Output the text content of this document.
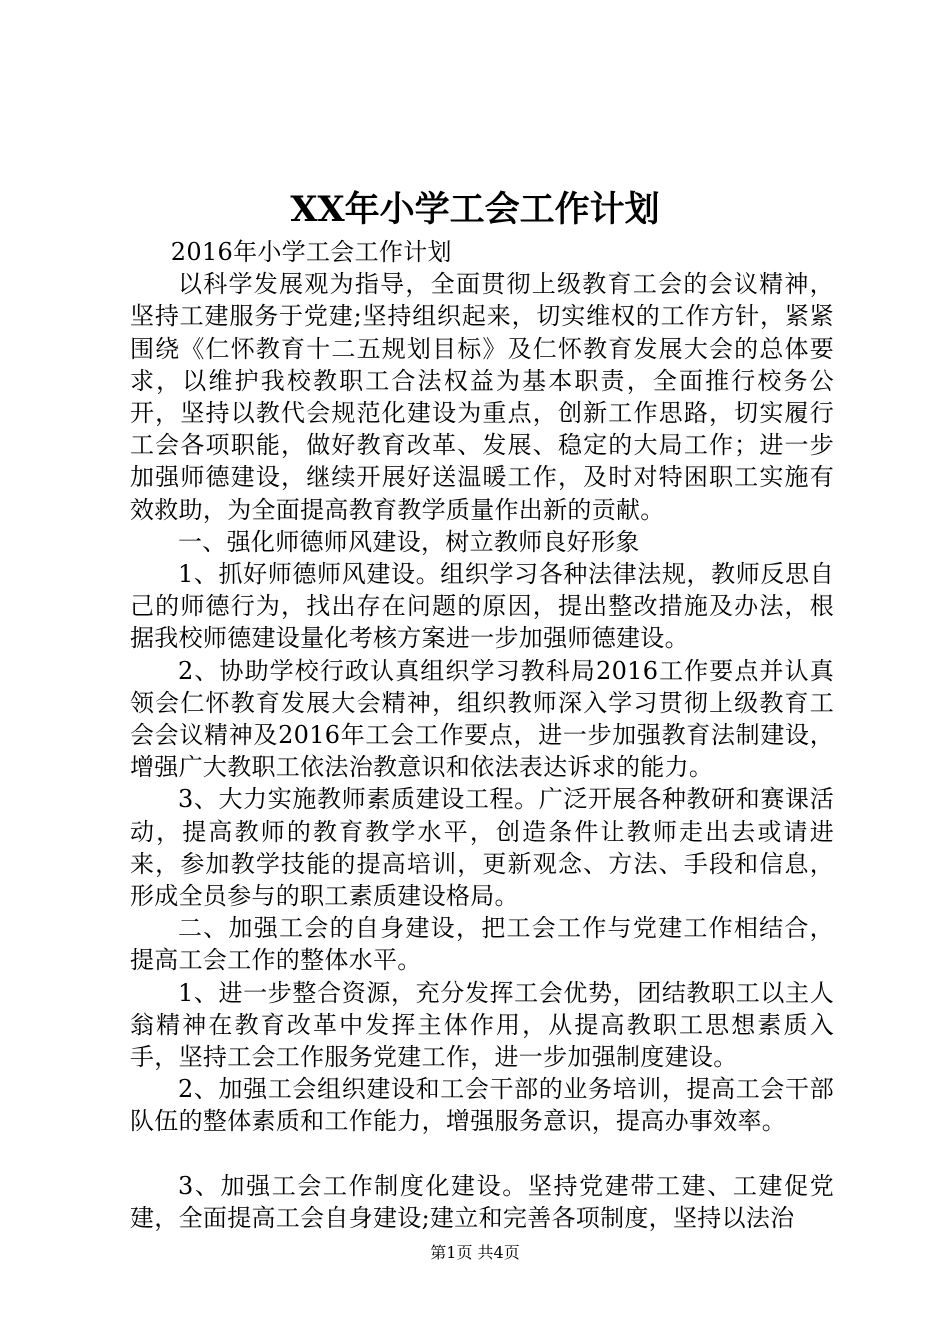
XX年小学工会工作计划

2016年小学工会工作计划

以科学发展观为指导，全面贯彻上级教育工会的会议精神，坚持工建服务于党建;坚持组织起来，切实维权的工作方针，紧紧围绕《仁怀教育十二五规划目标》及仁怀教育发展大会的总体要求，以维护我校教职工合法权益为基本职责，全面推行校务公开，坚持以教代会规范化建设为重点，创新工作思路，切实履行工会各项职能，做好教育改革、发展、稳定的大局工作；进一步加强师德建设，继续开展好送温暖工作，及时对特困职工实施有效救助，为全面提高教育教学质量作出新的贡献。

一、强化师德师风建设，树立教师良好形象

1、抓好师德师风建设。组织学习各种法律法规，教师反思自己的师德行为，找出存在问题的原因，提出整改措施及办法，根据我校师德建设量化考核方案进一步加强师德建设。

2、协助学校行政认真组织学习教科局2016工作要点并认真领会仁怀教育发展大会精神，组织教师深入学习贯彻上级教育工会会议精神及2016年工会工作要点，进一步加强教育法制建设，增强广大教职工依法治教意识和依法表达诉求的能力。

3、大力实施教师素质建设工程。广泛开展各种教研和赛课活动，提高教师的教育教学水平，创造条件让教师走出去或请进来，参加教学技能的提高培训，更新观念、方法、手段和信息，形成全员参与的职工素质建设格局。

二、加强工会的自身建设，把工会工作与党建工作相结合，提高工会工作的整体水平。

1、进一步整合资源，充分发挥工会优势，团结教职工以主人翁精神在教育改革中发挥主体作用，从提高教职工思想素质入手，坚持工会工作服务党建工作，进一步加强制度建设。

2、加强工会组织建设和工会干部的业务培训，提高工会干部队伍的整体素质和工作能力，增强服务意识，提高办事效率。

3、加强工会工作制度化建设。坚持党建带工建、工建促党建，全面提高工会自身建设;建立和完善各项制度，坚持以法治

第1页 共4页
